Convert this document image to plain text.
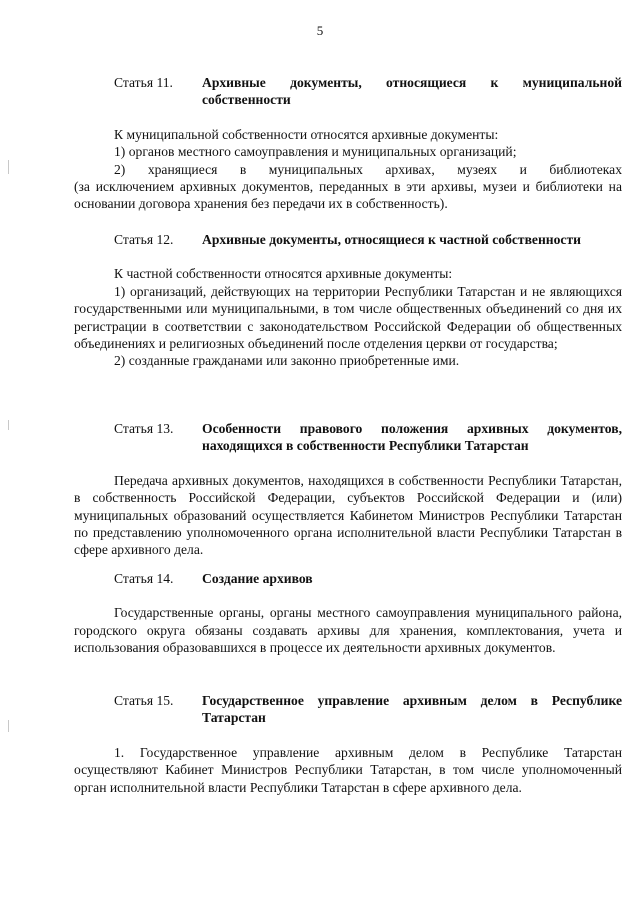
5
Статья 11. Архивные документы, относящиеся к муниципальной собственности

К муниципальной собственности относятся архивные документы:

1) органов местного самоуправления и муниципальных организаций;

2) хранящиеся в муниципальных архивах, музеях и библиотеках

(за исключением архивных документов, переданных в эти архивы, музеи и библиотеки на основании договора хранения без передачи их в собственность).

Статья 12. Архивные документы, относящиеся к частной собственности

К частной собственности относятся архивные документы:

1) организаций, действующих на территории Республики Татарстан и не являющихся государственными или муниципальными, в том числе общественных объединений со дня их регистрации в соответствии с законодательством Российской Федерации об общественных объединениях и религиозных объединений после отделения церкви от государства;

2) созданные гражданами или законно приобретенные ими.

Статья 13. Особенности правового положения архивных документов, находящихся в собственности Республики Татарстан

Передача архивных документов, находящихся в собственности Республики Татарстан, в собственность Российской Федерации, субъектов Российской Федерации и (или) муниципальных образований осуществляется Кабинетом Министров Республики Татарстан по представлению уполномоченного органа исполнительной власти Республики Татарстан в сфере архивного дела.

Статья 14. Создание архивов

Государственные органы, органы местного самоуправления муниципального района, городского округа обязаны создавать архивы для хранения, комплектования, учета и использования образовавшихся в процессе их деятельности архивных документов.

Статья 15. Государственное управление архивным делом в Республике Татарстан

1. Государственное управление архивным делом в Республике Татарстан осуществляют Кабинет Министров Республики Татарстан, в том числе уполномоченный орган исполнительной власти Республики Татарстан в сфере архивного дела.
